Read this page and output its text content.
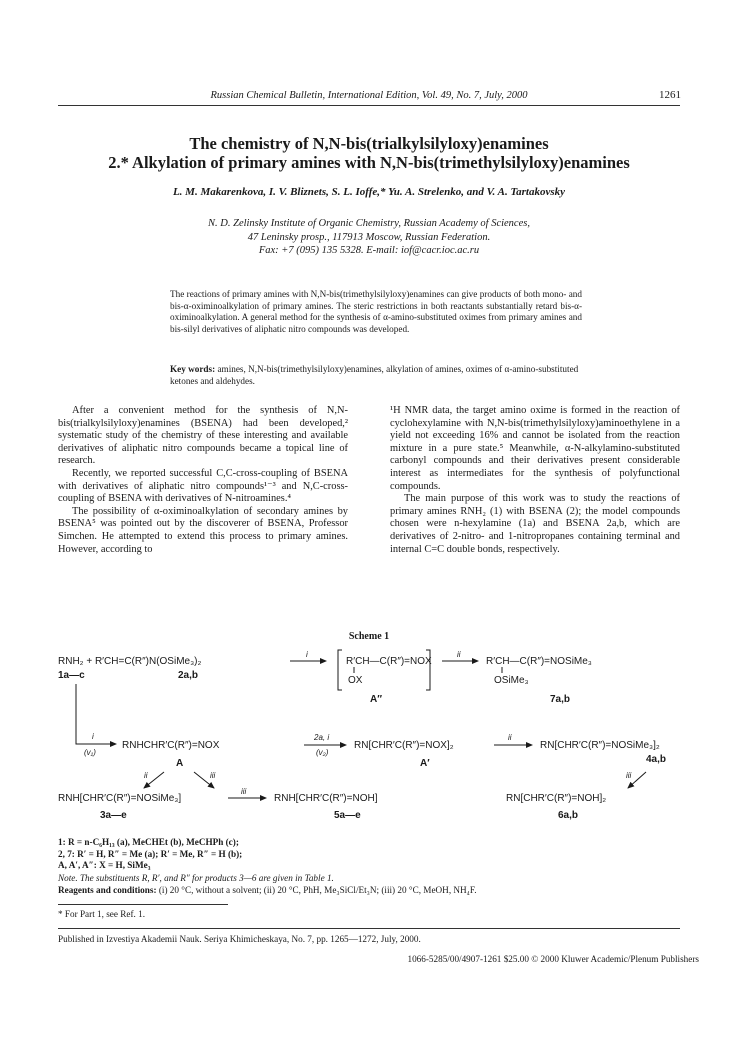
Russian Chemical Bulletin, International Edition, Vol. 49, No. 7, July, 2000	1261
The chemistry of N,N-bis(trialkylsilyloxy)enamines
2.* Alkylation of primary amines with N,N-bis(trimethylsilyloxy)enamines
L. M. Makarenkova, I. V. Bliznets, S. L. Ioffe,* Yu. A. Strelenko, and V. A. Tartakovsky
N. D. Zelinsky Institute of Organic Chemistry, Russian Academy of Sciences,
47 Leninsky prosp., 117913 Moscow, Russian Federation.
Fax: +7 (095) 135 5328. E-mail: iof@cacr.ioc.ac.ru
The reactions of primary amines with N,N-bis(trimethylsilyloxy)enamines can give products of both mono- and bis-α-oximinoalkylation of primary amines. The steric restrictions in both reactants substantially retard bis-α-oximinoalkylation. A general method for the synthesis of α-amino-substituted oximes from primary amines and bis-silyl derivatives of aliphatic nitro compounds was developed.
Key words: amines, N,N-bis(trimethylsilyloxy)enamines, alkylation of amines, oximes of α-amino-substituted ketones and aldehydes.

After a convenient method for the synthesis of N,N-bis(trialkylsilyloxy)enamines (BSENA) had been developed,² systematic study of the chemistry of these interesting and available derivatives of aliphatic nitro compounds became a topical line of research.

Recently, we reported successful C,C-cross-coupling of BSENA with derivatives of aliphatic nitro compounds¹⁻³ and N,C-cross-coupling of BSENA with derivatives of N-nitroamines.⁴

The possibility of α-oximinoalkylation of secondary amines by BSENA⁵ was pointed out by the discoverer of BSENA, Professor Simchen. He attempted to extend this process to primary amines. However, according to

¹H NMR data, the target amino oxime is formed in the reaction of cyclohexylamine with N,N-bis(trimethylsilyloxy)aminoethylene in a yield not exceeding 16% and cannot be isolated from the reaction mixture in a pure state.⁵ Meanwhile, α-N-alkylamino-substituted carbonyl compounds and their derivatives present considerable interest as intermediates for the synthesis of polyfunctional compounds.

The main purpose of this work was to study the reactions of primary amines RNH₂ (1) with BSENA (2); the model compounds chosen were n-hexylamine (1a) and BSENA 2a,b, which are derivatives of 2-nitro- and 1-nitropropanes containing terminal and internal C=C double bonds, respectively.

Scheme 1
RNH₂ + R′CH=C(R″)N(OSiMe₃)₂
1a—c	2a,b
i
R′CH—C(R″)=NOX
OX
A″
ii
R′CH—C(R″)=NOSiMe₃
OSiMe₃
7a,b
i
(v₁)
RNHCHR′C(R″)=NOX
A
2a, i
(v₂)
RN[CHR′C(R″)=NOX]₂
A′
ii
RN[CHR′C(R″)=NOSiMe₃]₂
4a,b
ii	iii	iii
RNH[CHR′C(R″)=NOSiMe₃]
3a—e
iii
RNH[CHR′C(R″)=NOH]
5a—e
RN[CHR′C(R″)=NOH]₂
6a,b
1: R = n-C₆H₁₃ (a), MeCHEt (b), MeCHPh (c);
2, 7: R′ = H, R″ = Me (a); R′ = Me, R″ = H (b);
A, A′, A″: X = H, SiMe₃
Note. The substituents R, R′, and R″ for products 3—6 are given in Table 1.
Reagents and conditions: (i) 20 °C, without a solvent; (ii) 20 °C, PhH, Me₃SiCl/Et₃N; (iii) 20 °C, MeOH, NH₄F.
* For Part 1, see Ref. 1.
Published in Izvestiya Akademii Nauk. Seriya Khimicheskaya, No. 7, pp. 1265—1272, July, 2000.
1066-5285/00/4907-1261 $25.00 © 2000 Kluwer Academic/Plenum Publishers
